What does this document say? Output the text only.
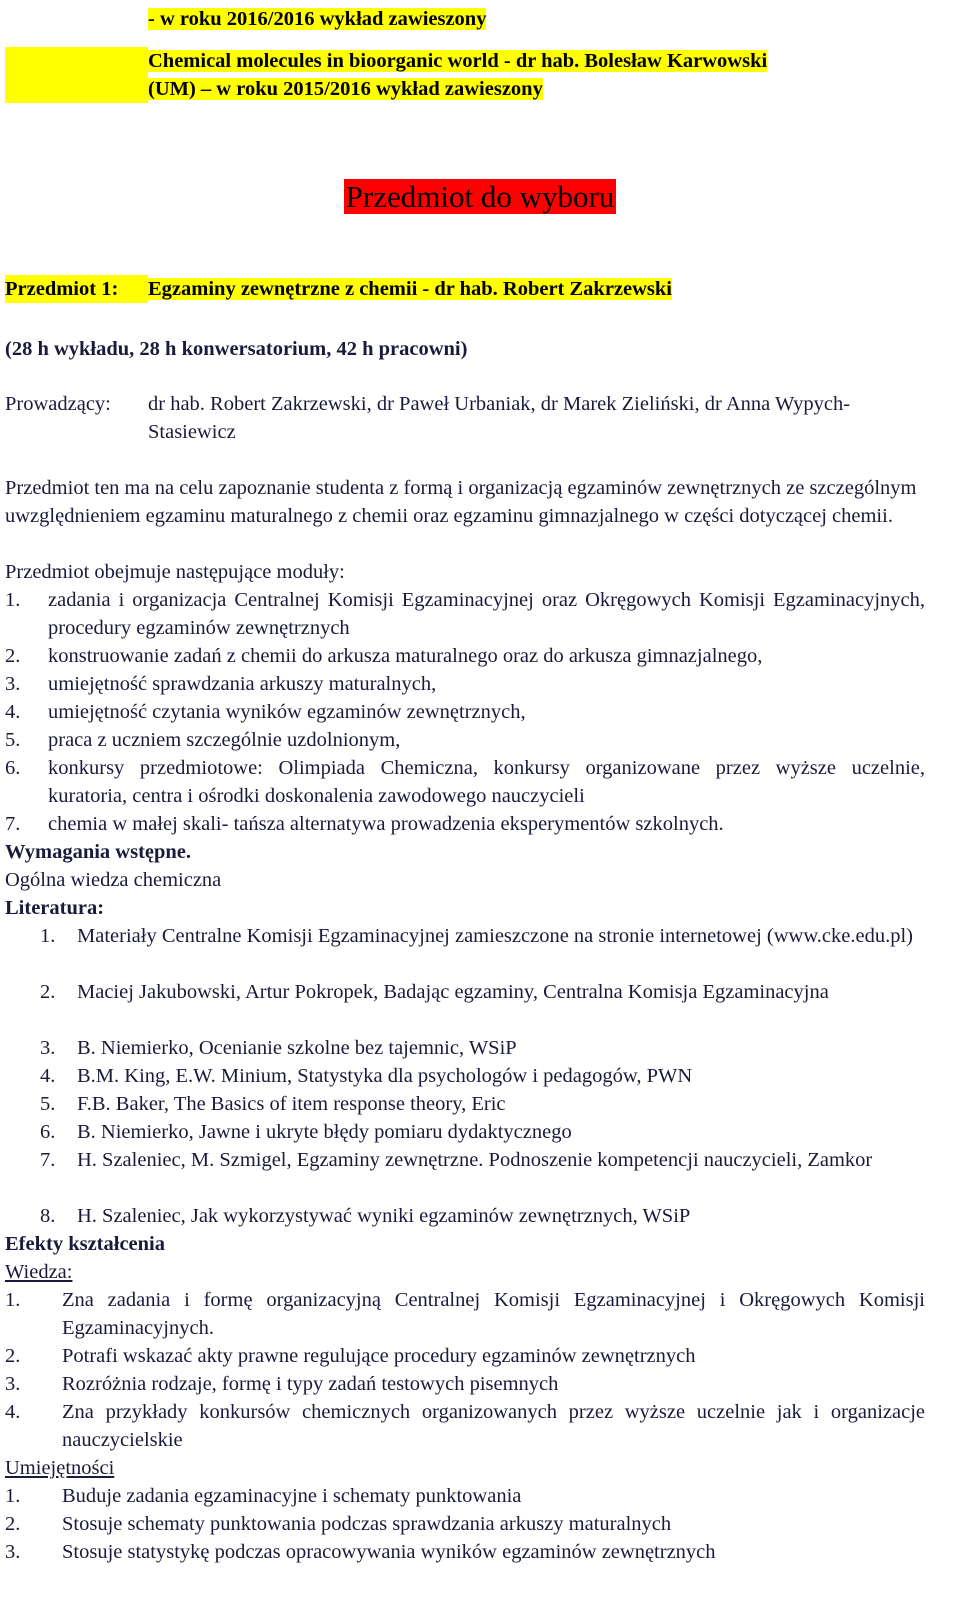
- w roku 2016/2016 wykład zawieszony
Chemical molecules in bioorganic world - dr hab. Bolesław Karwowski
(UM) – w roku 2015/2016 wykład zawieszony
Przedmiot do wyboru
Przedmiot 1:	Egzaminy zewnętrzne z chemii - dr hab. Robert Zakrzewski
(28 h wykładu, 28 h konwersatorium, 42 h pracowni)
Prowadzący:	dr hab. Robert Zakrzewski, dr Paweł Urbaniak, dr Marek Zieliński, dr Anna Wypych-Stasiewicz
Przedmiot ten ma na celu zapoznanie studenta z formą i organizacją egzaminów zewnętrznych ze szczególnym uwzględnieniem egzaminu maturalnego z chemii oraz egzaminu gimnazjalnego w części dotyczącej chemii.
Przedmiot obejmuje następujące moduły:
1.	zadania i organizacja Centralnej Komisji Egzaminacyjnej oraz Okręgowych Komisji Egzaminacyjnych, procedury egzaminów zewnętrznych
2.	konstruowanie zadań z chemii do arkusza maturalnego oraz do arkusza gimnazjalnego,
3.	umiejętność sprawdzania arkuszy maturalnych,
4.	umiejętność czytania wyników egzaminów zewnętrznych,
5.	praca z uczniem szczególnie uzdolnionym,
6.	konkursy przedmiotowe: Olimpiada Chemiczna, konkursy organizowane przez wyższe uczelnie, kuratoria, centra i ośrodki doskonalenia zawodowego nauczycieli
7.	chemia w małej skali- tańsza alternatywa prowadzenia eksperymentów szkolnych.
Wymagania wstępne.
Ogólna wiedza chemiczna
Literatura:
1.	Materiały Centralne Komisji Egzaminacyjnej zamieszczone na stronie internetowej (www.cke.edu.pl)
2.	Maciej Jakubowski, Artur Pokropek, Badając egzaminy, Centralna Komisja Egzaminacyjna
3.	B. Niemierko, Ocenianie szkolne bez tajemnic, WSiP
4.	B.M. King, E.W. Minium, Statystyka dla psychologów i pedagogów, PWN
5.	F.B. Baker, The Basics of item response theory, Eric
6.	B. Niemierko, Jawne i ukryte błędy pomiaru dydaktycznego
7.	H. Szaleniec, M. Szmigel, Egzaminy zewnętrzne. Podnoszenie kompetencji nauczycieli, Zamkor
8.	H. Szaleniec, Jak wykorzystywać wyniki egzaminów zewnętrznych, WSiP
Efekty kształcenia
Wiedza:
1.	Zna zadania i formę organizacyjną Centralnej Komisji Egzaminacyjnej i Okręgowych Komisji Egzaminacyjnych.
2.	Potrafi wskazać akty prawne regulujące procedury egzaminów zewnętrznych
3.	Rozróżnia rodzaje, formę i typy zadań testowych pisemnych
4.	Zna przykłady konkursów chemicznych organizowanych przez wyższe uczelnie jak i organizacje nauczycielskie
Umiejętności
1.	Buduje zadania egzaminacyjne i schematy punktowania
2.	Stosuje schematy punktowania podczas sprawdzania arkuszy maturalnych
3.	Stosuje statystykę podczas opracowywania wyników egzaminów zewnętrznych
